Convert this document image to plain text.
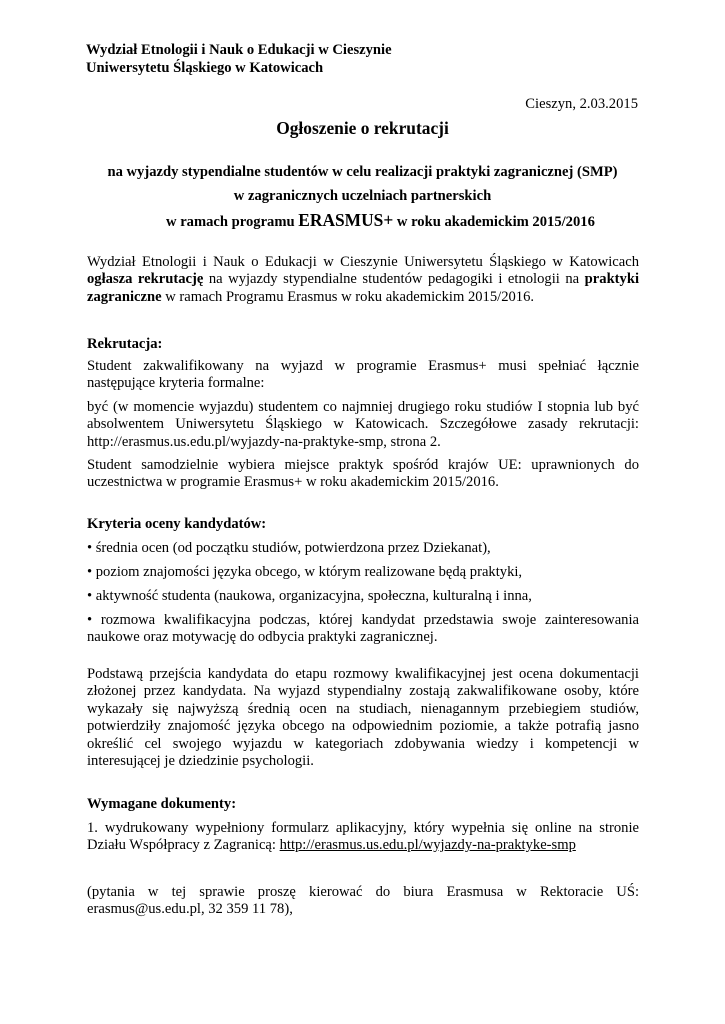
Wydział Etnologii i Nauk o Edukacji w Cieszynie
Uniwersytetu Śląskiego w Katowicach
Cieszyn, 2.03.2015
Ogłoszenie o rekrutacji
na wyjazdy stypendialne studentów w celu realizacji praktyki zagranicznej (SMP)
w zagranicznych uczelniach partnerskich
w ramach programu ERASMUS+ w roku akademickim 2015/2016
Wydział Etnologii i Nauk o Edukacji w Cieszynie Uniwersytetu Śląskiego w Katowicach ogłasza rekrutację na wyjazdy stypendialne studentów pedagogiki i etnologii na praktyki zagraniczne w ramach Programu Erasmus w roku akademickim 2015/2016.
Rekrutacja:
Student zakwalifikowany na wyjazd w programie Erasmus+ musi spełniać łącznie następujące kryteria formalne:
być (w momencie wyjazdu) studentem co najmniej drugiego roku studiów I stopnia lub być absolwentem Uniwersytetu Śląskiego w Katowicach. Szczegółowe zasady rekrutacji: http://erasmus.us.edu.pl/wyjazdy-na-praktyke-smp, strona 2.
Student samodzielnie wybiera miejsce praktyk spośród krajów UE: uprawnionych do uczestnictwa w programie Erasmus+ w roku akademickim 2015/2016.
Kryteria oceny kandydatów:
• średnia ocen (od początku studiów, potwierdzona przez Dziekanat),
• poziom znajomości języka obcego, w którym realizowane będą praktyki,
• aktywność studenta (naukowa, organizacyjna, społeczna, kulturalną i inna,
• rozmowa kwalifikacyjna podczas, której kandydat przedstawia swoje zainteresowania naukowe oraz motywację do odbycia praktyki zagranicznej.
Podstawą przejścia kandydata do etapu rozmowy kwalifikacyjnej jest ocena dokumentacji złożonej przez kandydata. Na wyjazd stypendialny zostają zakwalifikowane osoby, które wykazały się najwyższą średnią ocen na studiach, nienagannym przebiegiem studiów, potwierdziły znajomość języka obcego na odpowiednim poziomie, a także potrafią jasno określić cel swojego wyjazdu w kategoriach zdobywania wiedzy i kompetencji w interesującej je dziedzinie psychologii.
Wymagane dokumenty:
1. wydrukowany wypełniony formularz aplikacyjny, który wypełnia się online na stronie Działu Współpracy z Zagranicą: http://erasmus.us.edu.pl/wyjazdy-na-praktyke-smp
(pytania w tej sprawie proszę kierować do biura Erasmusa w Rektoracie UŚ: erasmus@us.edu.pl, 32 359 11 78),
